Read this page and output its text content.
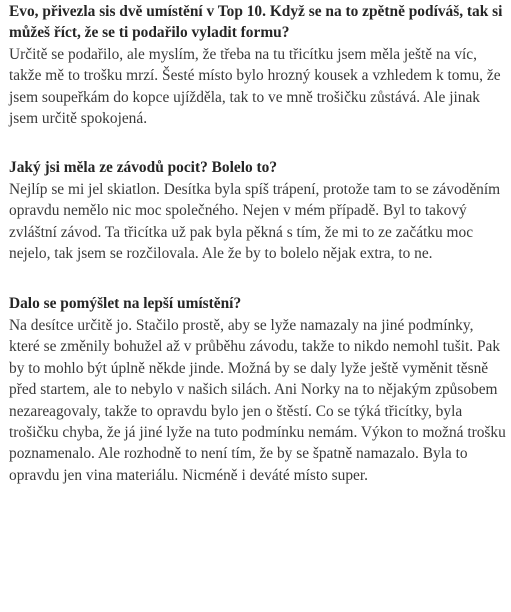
Evo, přivezla sis dvě umístění v Top 10. Když se na to zpětně podíváš, tak si můžeš říct, že se ti podařilo vyladit formu?

Určitě se podařilo, ale myslím, že třeba na tu třicítku jsem měla ještě na víc, takže mě to trošku mrzí. Šesté místo bylo hrozný kousek a vzhledem k tomu, že jsem soupeřkám do kopce ujížděla, tak to ve mně trošičku zůstává. Ale jinak jsem určitě spokojená.

Jaký jsi měla ze závodů pocit? Bolelo to?

Nejlíp se mi jel skiatlon. Desítka byla spíš trápení, protože tam to se závoděním opravdu nemělo nic moc společného. Nejen v mém případě. Byl to takový zvláštní závod. Ta třicítka už pak byla pěkná s tím, že mi to ze začátku moc nejelo, tak jsem se rozčilovala. Ale že by to bolelo nějak extra, to ne.

Dalo se pomýšlet na lepší umístění?

Na desítce určitě jo. Stačilo prostě, aby se lyže namazaly na jiné podmínky, které se změnily bohužel až v průběhu závodu, takže to nikdo nemohl tušit. Pak by to mohlo být úplně někde jinde. Možná by se daly lyže ještě vyměnit těsně před startem, ale to nebylo v našich silách. Ani Norky na to nějakým způsobem nezareagovaly, takže to opravdu bylo jen o štěstí. Co se týká třicítky, byla trošičku chyba, že já jiné lyže na tuto podmínku nemám. Výkon to možná trošku poznamenalo. Ale rozhodně to není tím, že by se špatně namazalo. Byla to opravdu jen vina materiálu. Nicméně i deváté místo super.
